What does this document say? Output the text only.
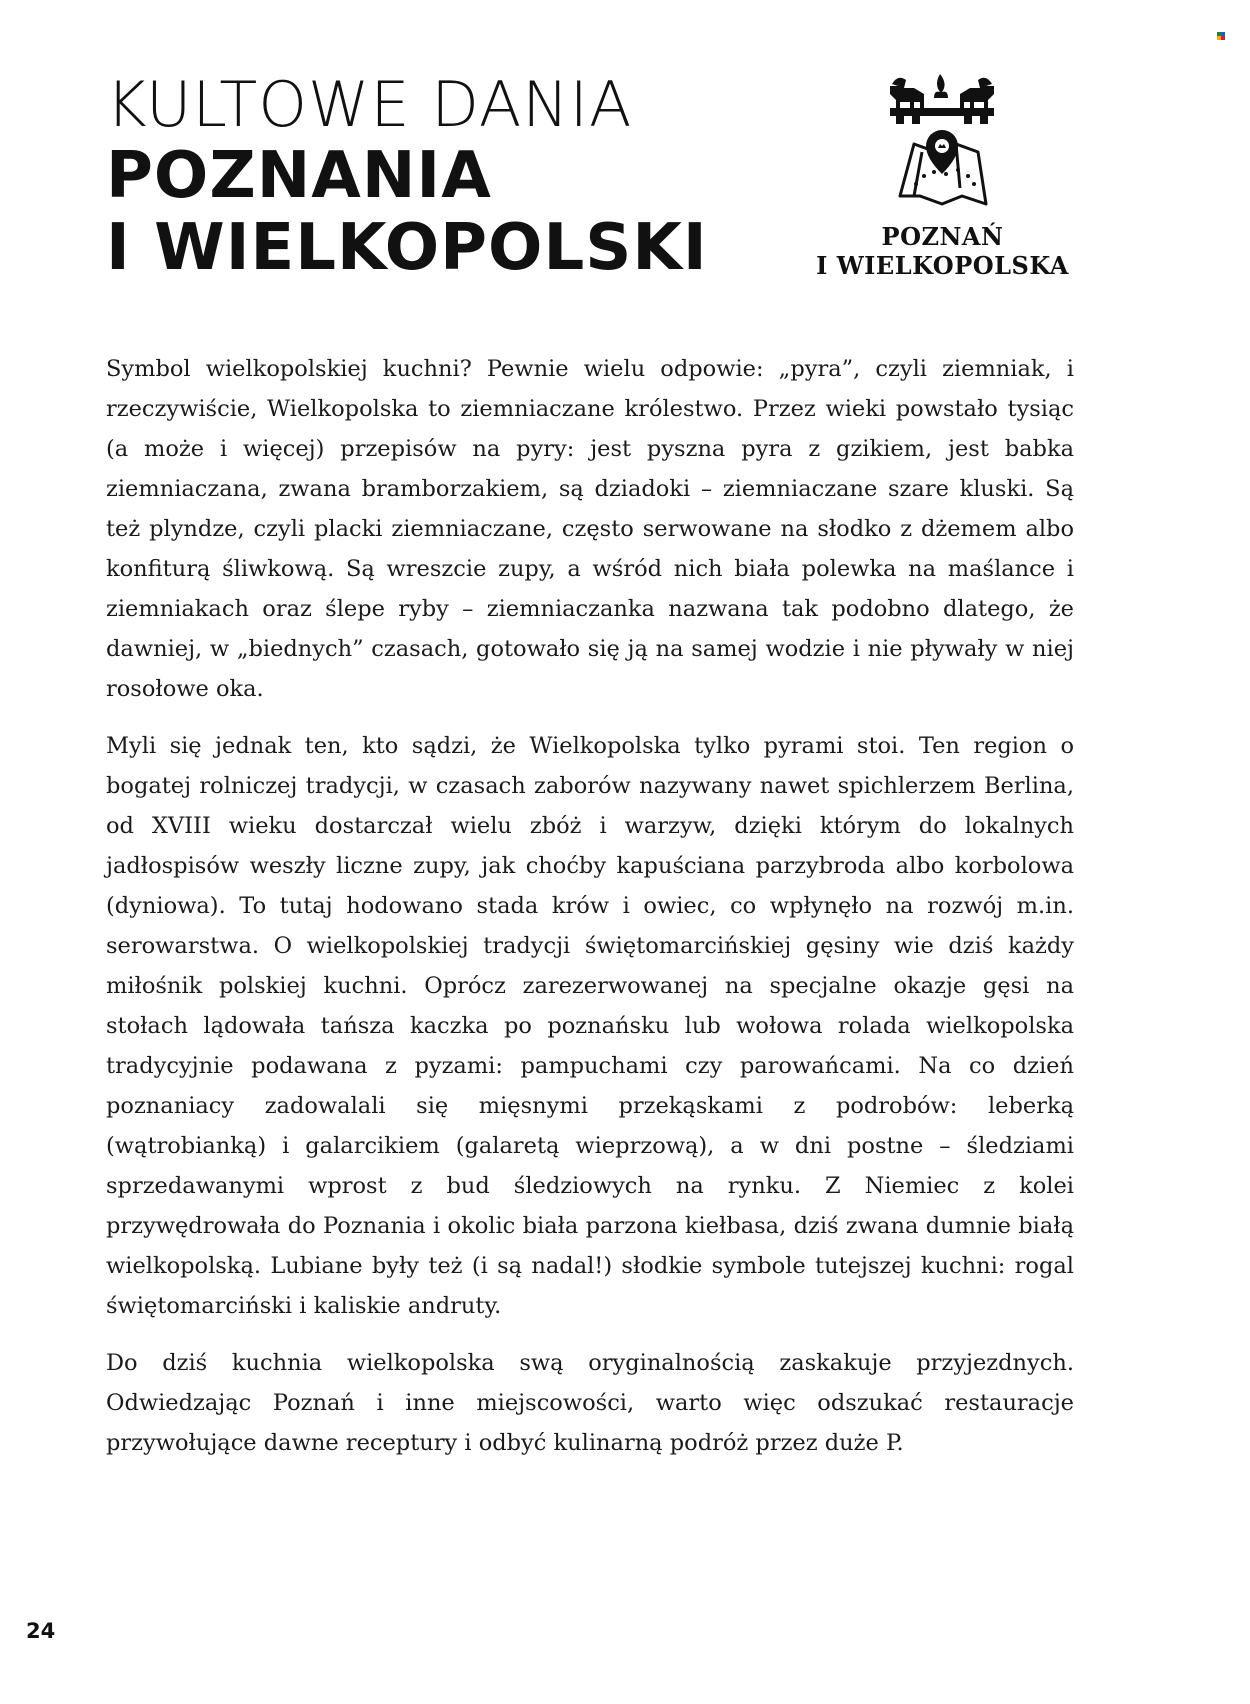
KULTOWE DANIA
POZNANIA
I WIELKOPOLSKI	POZNAŃ
I WIELKOPOLSKA

Symbol wielkopolskiej kuchni? Pewnie wielu odpowie: „pyra”, czyli ziemniak, i rzeczywiście, Wielkopolska to ziemniaczane królestwo. Przez wieki powstało tysiąc (a może i więcej) przepisów na pyry: jest pyszna pyra z gzikiem, jest babka ziemniaczana, zwana bramborzakiem, są dziadoki – ziemniaczane szare kluski. Są też plyndze, czyli placki ziemniaczane, często serwowane na słodko z dżemem albo konfiturą śliwkową. Są wreszcie zupy, a wśród nich biała polewka na maślance i ziemniakach oraz ślepe ryby – ziemniaczanka nazwana tak podobno dlatego, że dawniej, w „biednych” czasach, gotowało się ją na samej wodzie i nie pływały w niej rosołowe oka.

Myli się jednak ten, kto sądzi, że Wielkopolska tylko pyrami stoi. Ten region o bogatej rolniczej tradycji, w czasach zaborów nazywany nawet spichlerzem Berlina, od XVIII wieku dostarczał wielu zbóż i warzyw, dzięki którym do lokalnych jadłospisów weszły liczne zupy, jak choćby kapuściana parzybroda albo korbolowa (dyniowa). To tutaj hodowano stada krów i owiec, co wpłynęło na rozwój m.in. serowarstwa. O wielkopolskiej tradycji świętomarcińskiej gęsiny wie dziś każdy miłośnik polskiej kuchni. Oprócz zarezerwowanej na specjalne okazje gęsi na stołach lądowała tańsza kaczka po poznańsku lub wołowa rolada wielkopolska tradycyjnie podawana z pyzami: pampuchami czy parowańcami. Na co dzień poznaniacy zadowalali się mięsnymi przekąskami z podrobów: leberką (wątrobianką) i galarcikiem (galaretą wieprzową), a w dni postne – śledziami sprzedawanymi wprost z bud śledziowych na rynku. Z Niemiec z kolei przywędrowała do Poznania i okolic biała parzona kiełbasa, dziś zwana dumnie białą wielkopolską. Lubiane były też (i są nadal!) słodkie symbole tutejszej kuchni: rogal świętomarciński i kaliskie andruty.

Do dziś kuchnia wielkopolska swą oryginalnością zaskakuje przyjezdnych. Odwiedzając Poznań i inne miejscowości, warto więc odszukać restauracje przywołujące dawne receptury i odbyć kulinarną podróż przez duże P.

24
